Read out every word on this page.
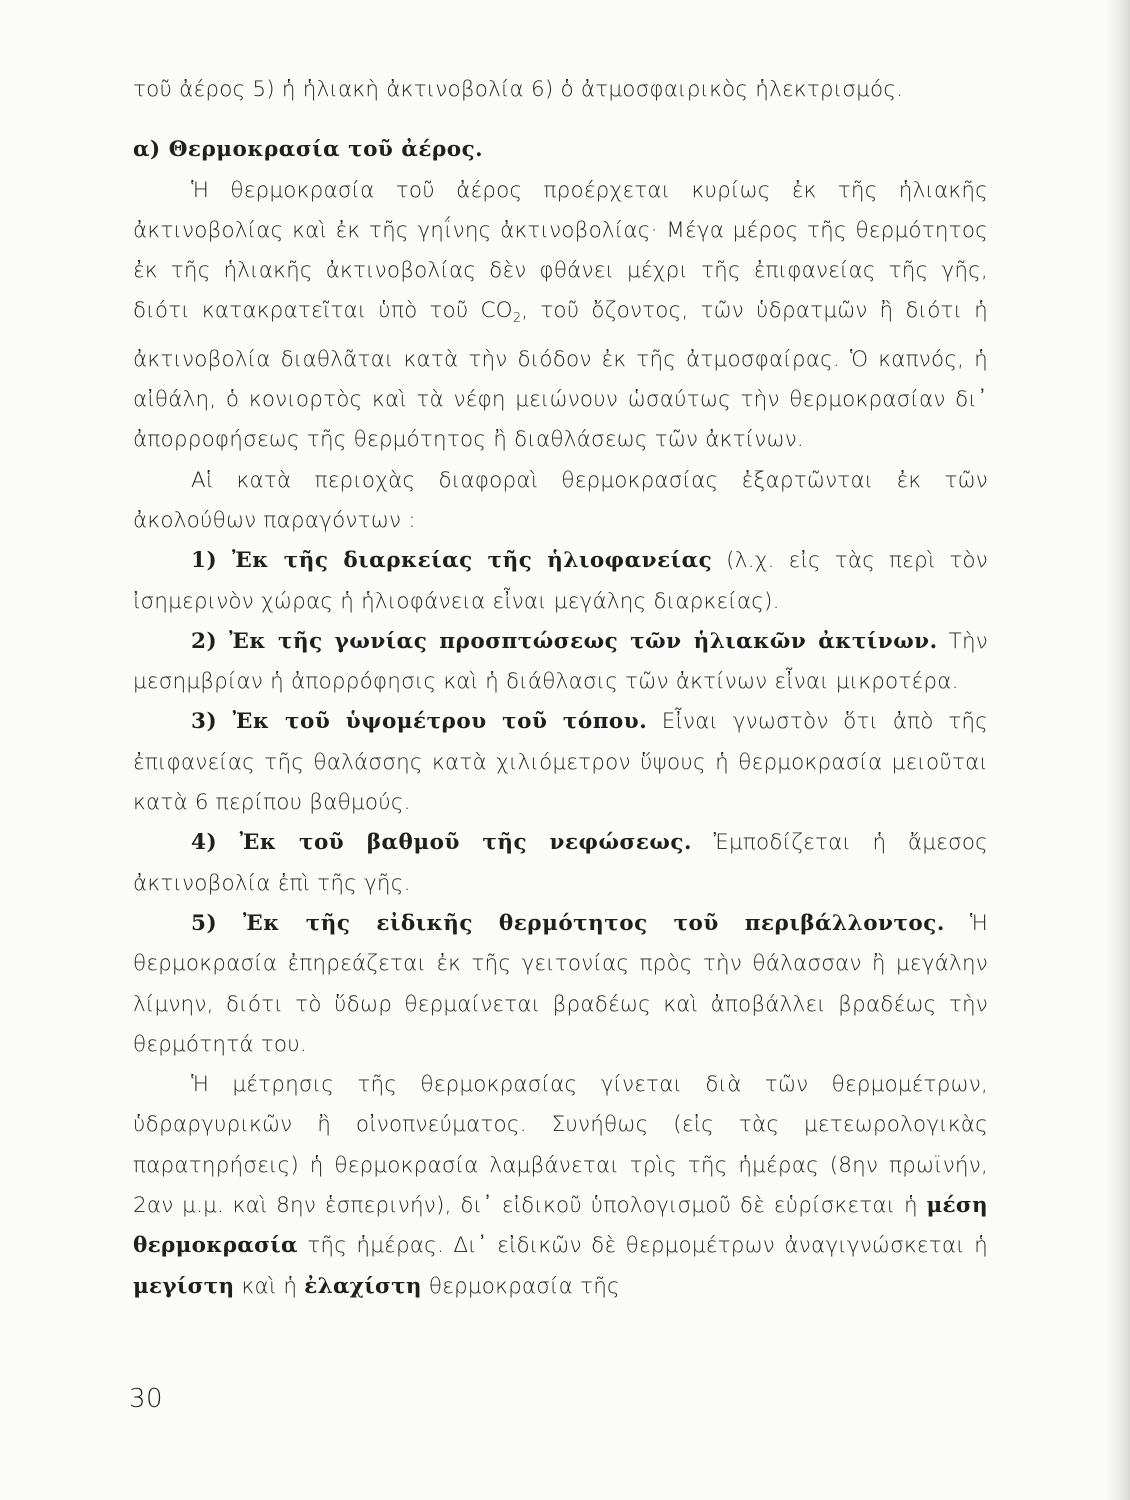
τοῦ ἀέρος 5) ἡ ἡλιακὴ ἀκτινοβολία 6) ὁ ἀτμοσφαιρικὸς ἡλεκτρισμός.

α) Θερμοκρασία τοῦ ἀέρος.

Ἡ θερμοκρασία τοῦ ἀέρος προέρχεται κυρίως ἐκ τῆς ἡλιακῆς ἀκτινοβολίας καὶ ἐκ τῆς γηΐνης ἀκτινοβολίας· Μέγα μέρος τῆς θερμότητος ἐκ τῆς ἡλιακῆς ἀκτινοβολίας δὲν φθάνει μέχρι τῆς ἐπιφανείας τῆς γῆς, διότι κατακρατεῖται ὑπὸ τοῦ $CO_2$, τοῦ ὄζοντος, τῶν ὑδρατμῶν ἢ διότι ἡ ἀκτινοβολία διαθλᾶται κατὰ τὴν διόδον ἐκ τῆς ἀτμοσφαίρας. Ὁ καπνός, ἡ αἰθάλη, ὁ κονιορτὸς καὶ τὰ νέφη μειώνουν ὡσαύτως τὴν θερμοκρασίαν δι᾽ ἀπορροφήσεως τῆς θερμότητος ἢ διαθλάσεως τῶν ἀκτίνων.

Αἱ κατὰ περιοχὰς διαφοραὶ θερμοκρασίας ἐξαρτῶνται ἐκ τῶν ἀκολούθων παραγόντων :

1) Ἐκ τῆς διαρκείας τῆς ἡλιοφανείας (λ.χ. εἰς τὰς περὶ τὸν ἰσημερινὸν χώρας ἡ ἡλιοφάνεια εἶναι μεγάλης διαρκείας).

2) Ἐκ τῆς γωνίας προσπτώσεως τῶν ἡλιακῶν ἀκτίνων. Τὴν μεσημβρίαν ἡ ἀπορρόφησις καὶ ἡ διάθλασις τῶν ἀκτίνων εἶναι μικροτέρα.

3) Ἐκ τοῦ ὑψομέτρου τοῦ τόπου. Εἶναι γνωστὸν ὅτι ἀπὸ τῆς ἐπιφανείας τῆς θαλάσσης κατὰ χιλιόμετρον ὕψους ἡ θερμοκρασία μειοῦται κατὰ 6 περίπου βαθμούς.

4) Ἐκ τοῦ βαθμοῦ τῆς νεφώσεως. Ἐμποδίζεται ἡ ἄμεσος ἀκτινοβολία ἐπὶ τῆς γῆς.

5) Ἐκ τῆς εἰδικῆς θερμότητος τοῦ περιβάλλοντος. Ἡ θερμοκρασία ἐπηρεάζεται ἐκ τῆς γειτονίας πρὸς τὴν θάλασσαν ἢ μεγάλην λίμνην, διότι τὸ ὕδωρ θερμαίνεται βραδέως καὶ ἀποβάλλει βραδέως τὴν θερμότητά του.

Ἡ μέτρησις τῆς θερμοκρασίας γίνεται διὰ τῶν θερμομέτρων, ὑδραργυρικῶν ἢ οἰνοπνεύματος. Συνήθως (εἰς τὰς μετεωρολογικὰς παρατηρήσεις) ἡ θερμοκρασία λαμβάνεται τρὶς τῆς ἡμέρας (8ην πρωϊνήν, 2αν μ.μ. καὶ 8ην ἑσπερινήν), δι᾽ εἰδικοῦ ὑπολογισμοῦ δὲ εὑρίσκεται ἡ μέση θερμοκρασία τῆς ἡμέρας. Δι᾽ εἰδικῶν δὲ θερμομέτρων ἀναγιγνώσκεται ἡ μεγίστη καὶ ἡ ἐλαχίστη θερμοκρασία τῆς

30
